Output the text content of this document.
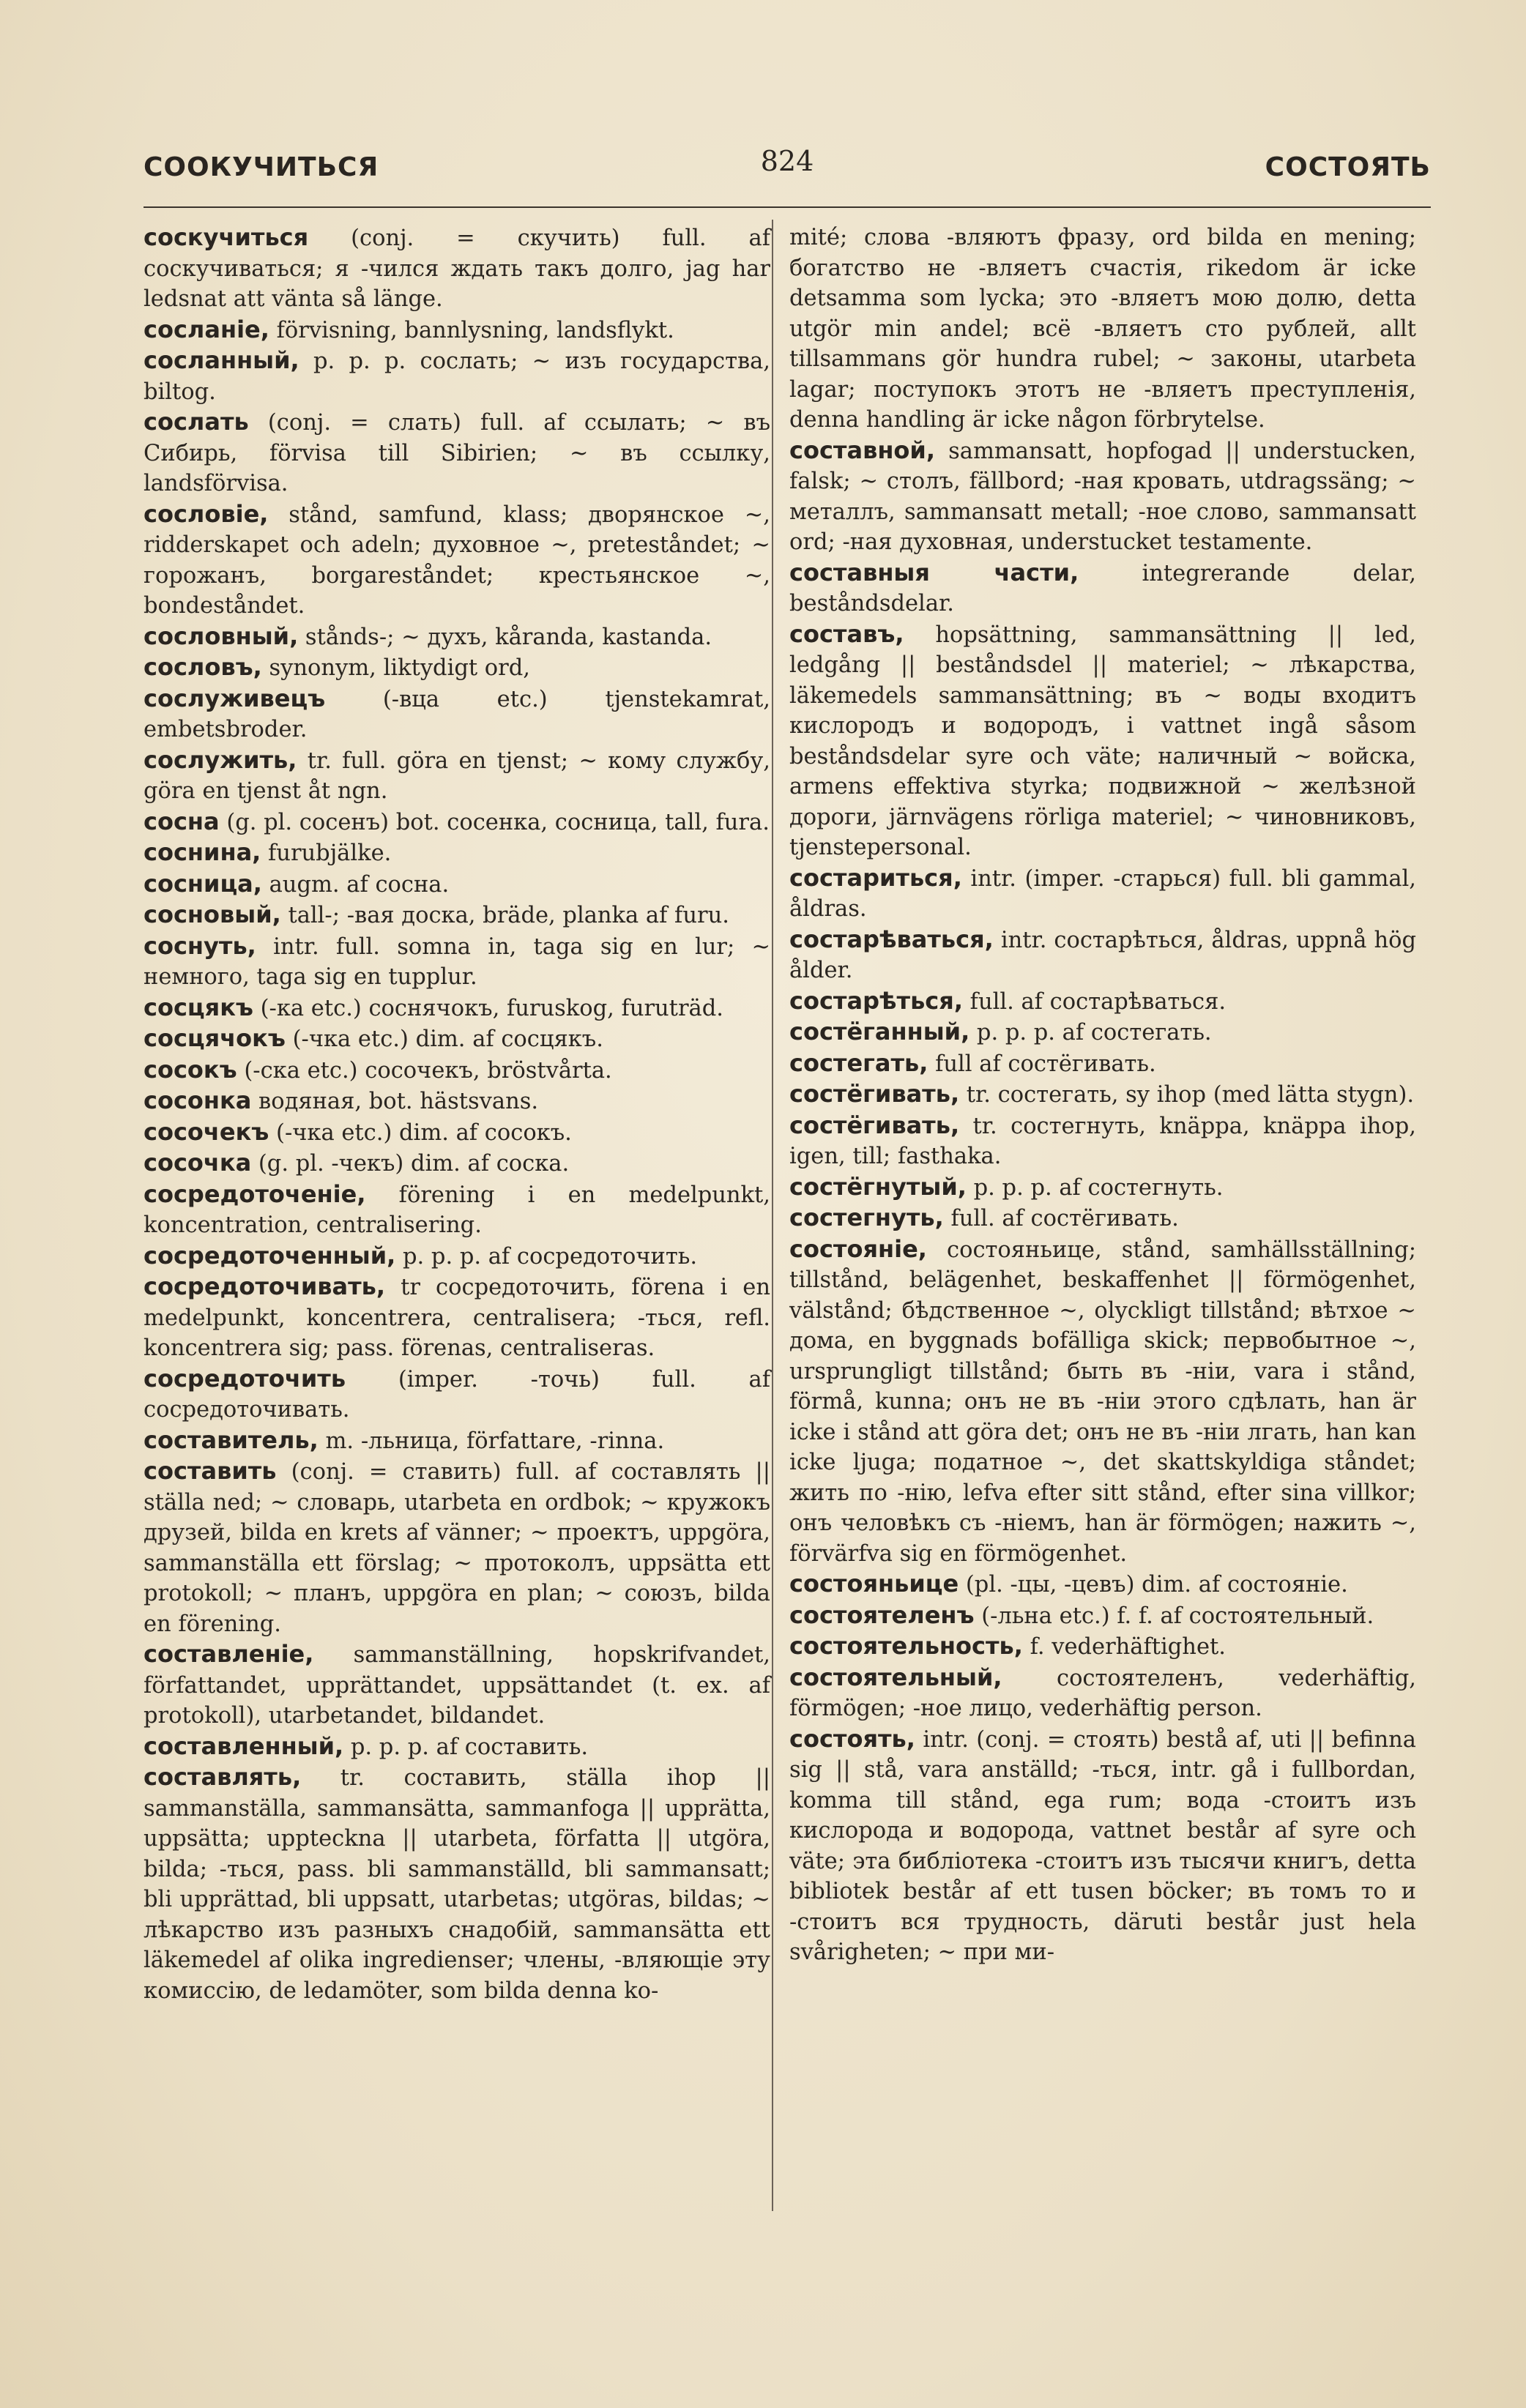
СООКУЧИТЬСЯ	824	СОСТОЯТЬ

соскучиться (conj. = скучить) full. af соскучиваться; я -чился ждать такъ долго, jag har ledsnat att vänta så länge.

сосланіе, förvisning, bannlysning, landsflykt.

сосланный, p. p. p. сослать; ~ изъ государства, biltog.

сослать (conj. = слать) full. af ссылать; ~ въ Сибирь, förvisa till Sibirien; ~ въ ссылку, landsförvisa.

сословіе, stånd, samfund, klass; дворянское ~, ridderskapet och adeln; духовное ~, preteståndet; ~ горожанъ, borgareståndet; крестьянское ~, bondeståndet.

сословный, stånds-; ~ духъ, kåranda, kastanda.

сословъ, synonym, liktydigt ord,

сослуживецъ	(-вца etc.) tjenstekamrat, embetsbroder.

сослужить, tr. full. göra en tjenst; ~ кому службу, göra en tjenst åt ngn.

сосна (g. pl. сосенъ) bot. сосенка, сосница, tall, fura.

соснина, furubjälke.

сосница, augm. af сосна.

сосновый, tall-; -вая доска, bräde, planka af furu.

соснуть, intr. full. somna in, taga sig en lur; ~ немного, taga sig en tupplur.

сосцякъ (-ка etc.) соснячокъ, furuskog, furuträd.

сосцячокъ (-чка etc.) dim. af сосцякъ.

сосокъ (-ска etc.) сосочекъ, bröstvårta.

сосонка водяная, bot. hästsvans.

сосочекъ (-чка etc.) dim. af сосокъ.

сосочка (g. pl. -чекъ) dim. af соска.

сосредоточеніе, förening i en medelpunkt, koncentration, centralisering.

сосредоточенный, p. p. p. af сосредоточить.

сосредоточивать, tr сосредоточить, förena i en medelpunkt, koncentrera, centralisera; -ться, refl. koncentrera sig; pass. förenas, centraliseras.

сосредоточить (imper. -точь) full. af сосредоточивать.

составитель, m. -льница, författare, -rinna.

составить (conj. = ставить) full. af составлять || ställa ned; ~ словарь, utarbeta en ordbok; ~ кружокъ друзей, bilda en krets af vänner; ~ проектъ, uppgöra, sammanställa ett förslag; ~ протоколъ, uppsätta ett protokoll; ~ планъ, uppgöra en plan; ~ союзъ, bilda en förening.

составленіе, sammanställning, hopskrifvandet, författandet, upprättandet, uppsättandet (t. ex. af protokoll), utarbetandet, bildandet.

составленный, p. p. p. af составить.

составлять, tr. составить, ställa ihop || sammanställa, sammansätta, sammanfoga || upprätta, uppsätta; uppteckna || utarbeta, författa || utgöra, bilda; -ться, pass. bli sammanställd, bli sammansatt; bli upprättad, bli uppsatt, utarbetas; utgöras, bildas; ~ лѣкарство изъ разныхъ снадобій, sammansätta ett läkemedel af olika ingredienser; члены, -вляющіе эту комиссію, de ledamöter, som bilda denna ko-

mité; слова -вляютъ фразу, ord bilda en mening; богатство не -вляетъ счастія, rikedom är icke detsamma som lycka; это -вляетъ мою долю, detta utgör min andel; всё -вляетъ сто рублей, allt tillsammans gör hundra rubel; ~ законы, utarbeta lagar; поступокъ этотъ не -вляетъ преступленія, denna handling är icke någon förbrytelse.

составной, sammansatt, hopfogad || understucken, falsk; ~ столъ, fällbord; -ная кровать, utdragssäng; ~ металлъ, sammansatt metall; -ное слово, sammansatt ord; -ная духовная, understucket testamente.

составныя части,	integrerande delar, beståndsdelar.

составъ, hopsättning, sammansättning || led, ledgång || beståndsdel || materiel; ~ лѣкарства, läkemedels sammansättning; въ ~ воды входитъ кислородъ и водородъ, i vattnet ingå såsom beståndsdelar syre och väte; наличный ~ войска, armens effektiva styrka; подвижной ~ желѣзной дороги, järnvägens rörliga materiel; ~ чиновниковъ, tjenstepersonal.

состариться, intr. (imper. -старься) full. bli gammal, åldras.

состарѣваться, intr. состарѣться, åldras, uppnå hög ålder.

состарѣться, full. af состарѣваться.

состёганный, p. p. p. af состегать.

состегать, full af состёгивать.

состёгивать, tr. состегать, sy ihop (med lätta stygn).

состёгивать, tr. состегнуть, knäppa, knäppa ihop, igen, till; fasthaka.

состёгнутый, p. p. p. af состегнуть.

состегнуть, full. af состёгивать.

состояніе, состояньице, stånd, samhällsställning; tillstånd, belägenhet, beskaffenhet || förmögenhet, välstånd; бѣдственное ~, olyckligt tillstånd; вѣтхое ~ дома, en byggnads bofälliga skick; первобытное ~, ursprungligt tillstånd; быть въ -ніи, vara i stånd, förmå, kunna; онъ не въ -ніи этого сдѣлать, han är icke i stånd att göra det; онъ не въ -ніи лгать, han kan icke ljuga; податное ~, det skattskyldiga ståndet; жить по -нію, lefva efter sitt stånd, efter sina villkor; онъ человѣкъ съ -ніемъ, han är förmögen; нажить ~, förvärfva sig en förmögenhet.

состояньице (pl. -цы, -цевъ) dim. af состояніе.

состоятеленъ (-льна etc.) f. f. af состоятельный.

состоятельность, f. vederhäftighet.

состоятельный, состоятеленъ, vederhäftig, förmögen; -ное лицо, vederhäftig person.

состоять, intr. (conj. = стоять) bestå af, uti || befinna sig || stå, vara anställd; -ться, intr. gå i fullbordan, komma till stånd, ega rum; вода -стоитъ изъ кислорода и водорода, vattnet består af syre och väte; эта библіотека -стоитъ изъ тысячи книгъ, detta bibliotek består af ett tusen böcker; въ томъ то и -стоитъ вся трудность, däruti består just hela svårigheten; ~ при ми-
